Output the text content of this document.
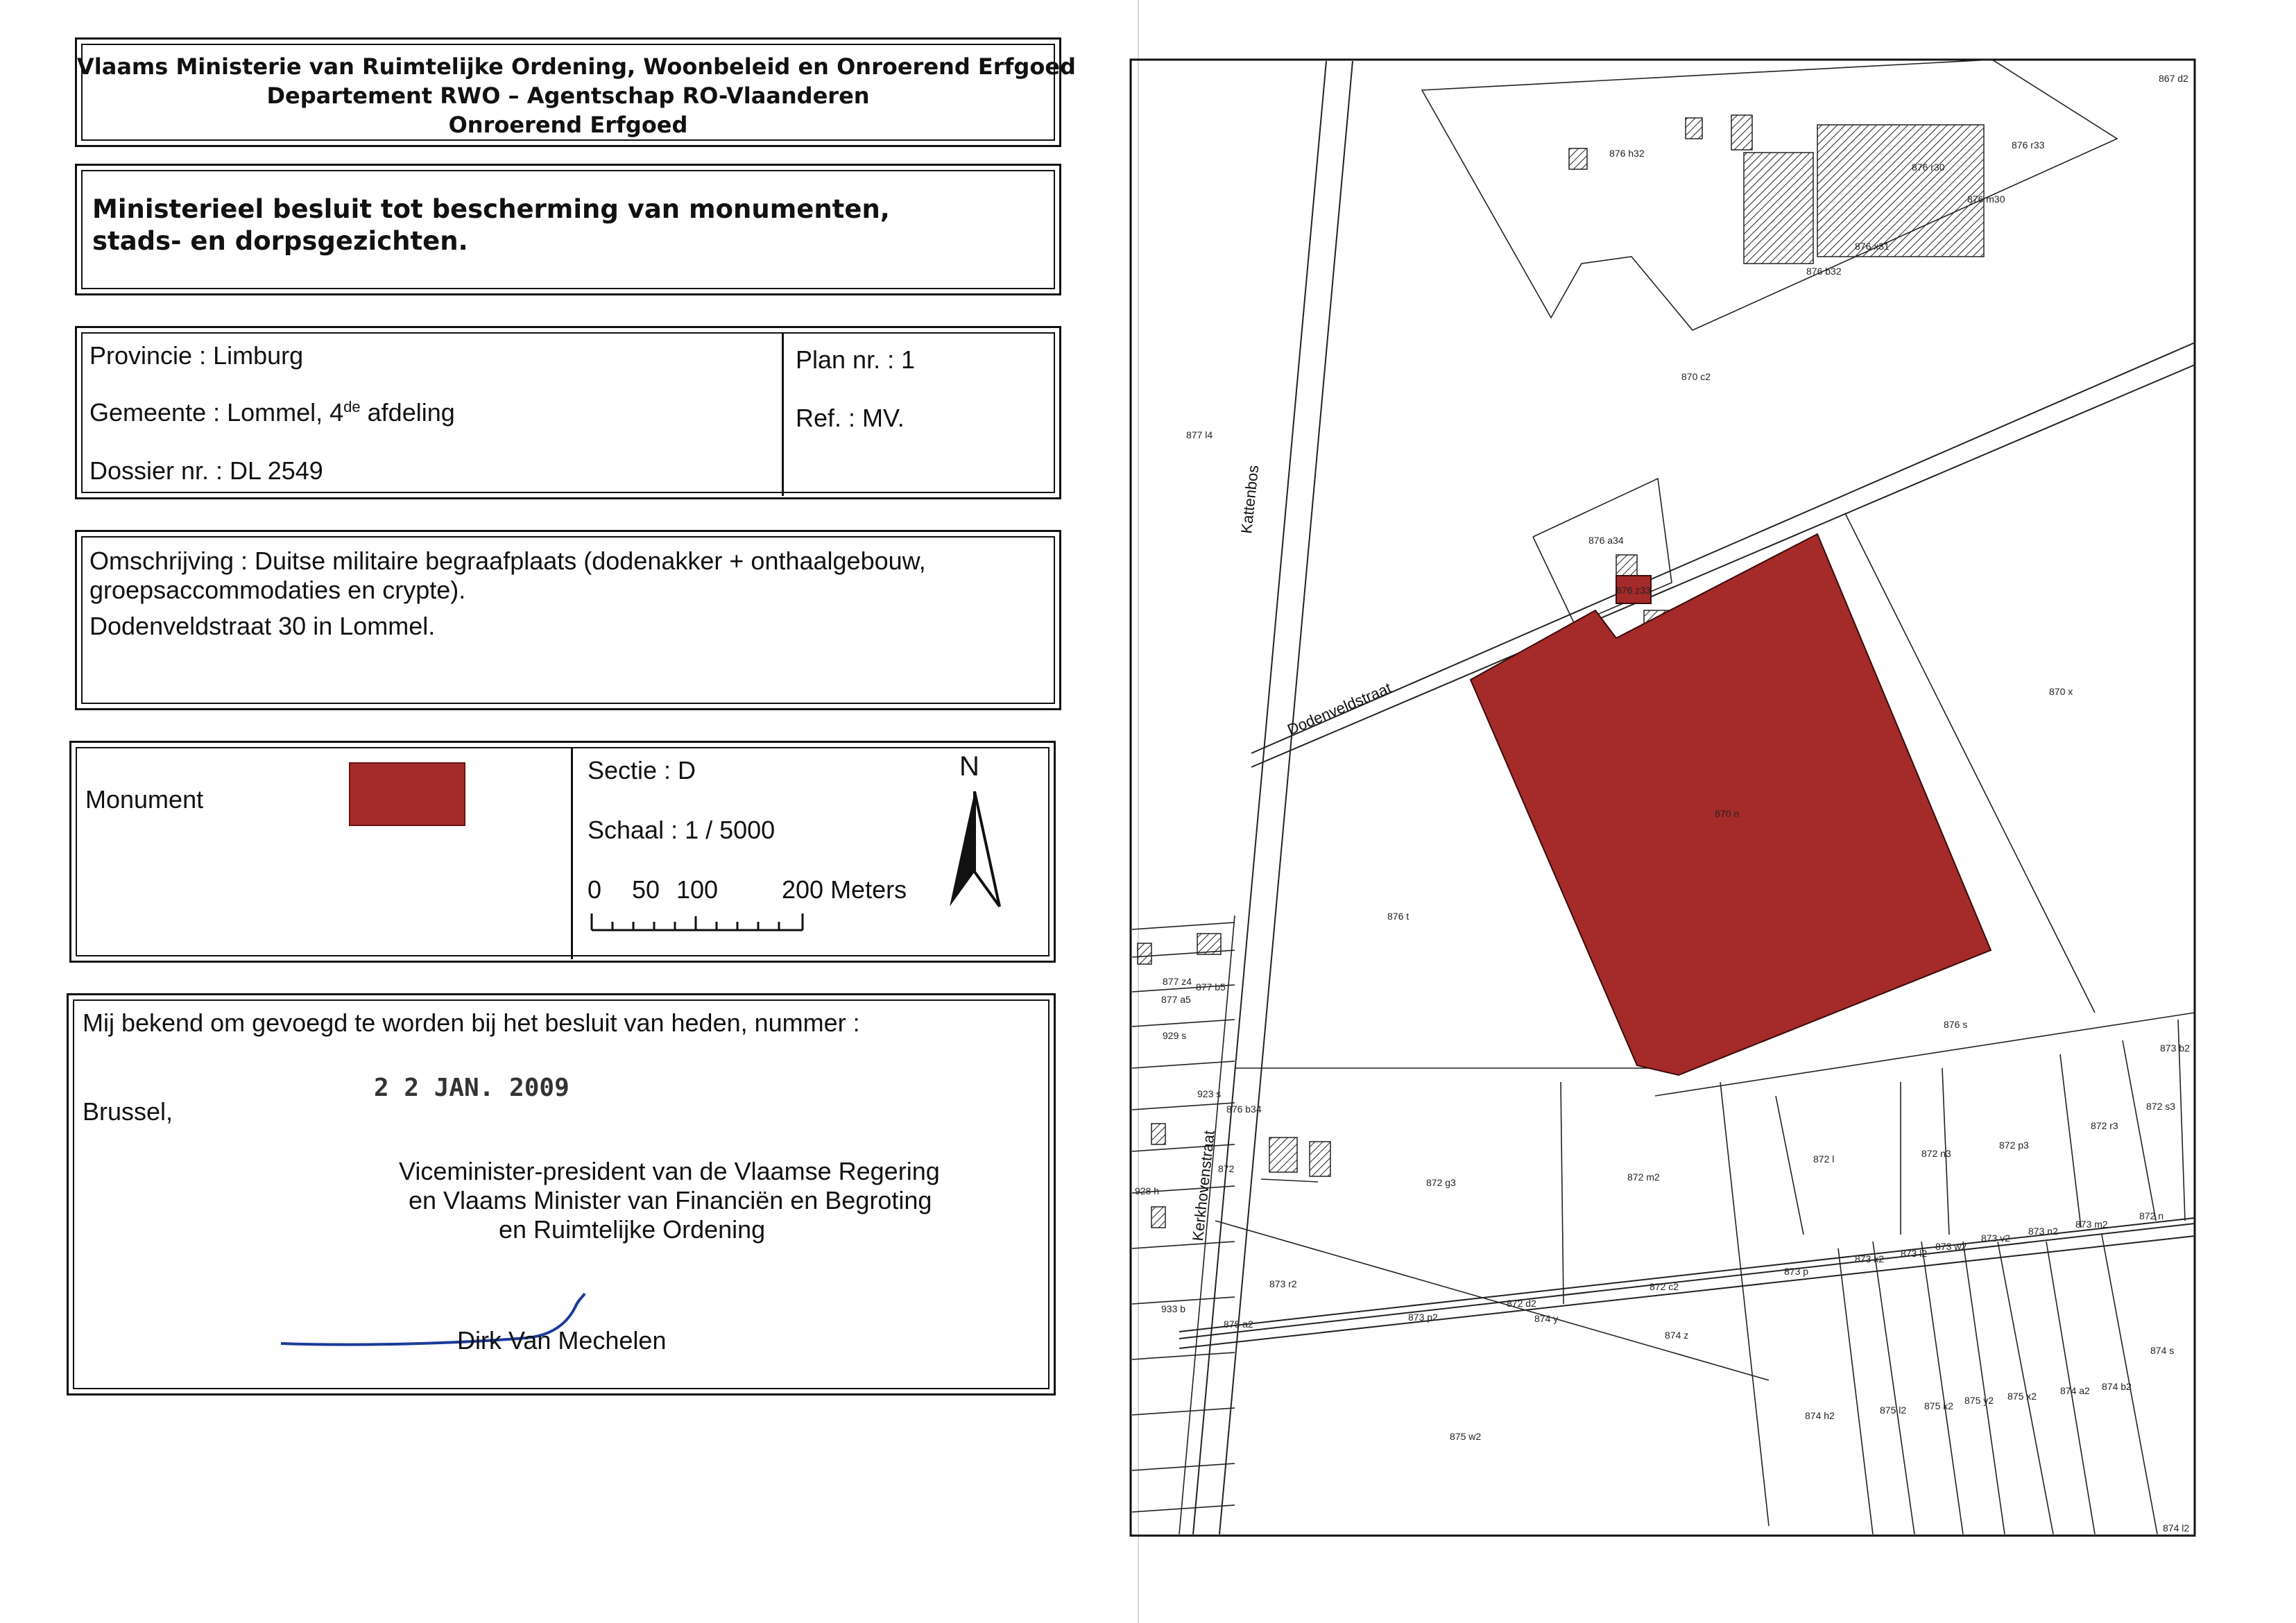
Vlaams Ministerie van Ruimtelijke Ordening, Woonbeleid en Onroerend Erfgoed
Departement RWO – Agentschap RO-Vlaanderen
Onroerend Erfgoed
Ministerieel besluit tot bescherming van monumenten, stads- en dorpsgezichten.
Provincie : Limburg
Gemeente : Lommel, 4de afdeling
Dossier nr. : DL 2549
Plan nr. : 1
Ref. : MV.
Omschrijving : Duitse militaire begraafplaats (dodenakker + onthaalgebouw,
groepsaccommodaties en crypte).
Dodenveldstraat 30 in Lommel.
Monument
Sectie : D
Schaal : 1 / 5000
0 50 100	200 Meters
N
Mij bekend om gevoegd te worden bij het besluit van heden, nummer :
Brussel,
2 2 JAN. 2009
Viceminister-president van de Vlaamse Regering
en Vlaams Minister van Financiën en Begroting
en Ruimtelijke Ordening
Dirk Van Mechelen
Kattenbos
Dodenveldstraat
Kerkhovenstraat
870 c2
877 l4
876 a34
876 z33
870 x
870 n
876 t
876 s
876 h32
876 r33
867 d2
876 m30
876 r30
876 x31
876 b32
876 b34
872
872 g3	872 m2
872 l	872 n3
872 p3
872 r3
872 s3
873 b2
872 n
873 m2
873 n2
873 v2
873 w2
873 l2
873 k2
873 p
872 c2
873 r2
872 d2
873 p2
875 a2	874 y
874 z
874 s
874 h2	875 l2 875 k2 875 y2 875 x2 874 a2 874 b2
875 w2
929 s
877 z4
877 a5
877 b5
923 s
928 h
933 b
874 l2
